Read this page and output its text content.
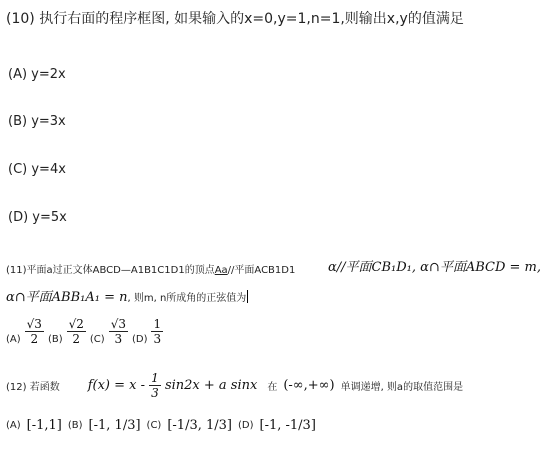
(10) 执行右面的程序框图, 如果输入的x=0,y=1,n=1,则输出x,y的值满足
(A) y=2x
(B) y=3x
(C) y=4x
(D) y=5x
(11)平面a过正文体ABCD—A1B1C1D1的顶点Aa//平面ACB1D1	α//平面CB₁D₁, α∩平面ABCD = m,
α∩平面ABB₁A₁ = n, 则m, n所成角的正弦值为
$(A) \frac{√3}{2} (B) \frac{√2}{2} (C) \frac{√3}{3} (D) \frac{1}{3}$
(12) 若函数 $f(x) = x - \frac{1}{3} \sin 2x + a$ sinx 在 (-∞,+∞) 单调递增, 则a的取值范围是
(A) [-1,1] (B) [-1, 1/3] (C) [-1/3, 1/3] (D) [-1, -1/3]
